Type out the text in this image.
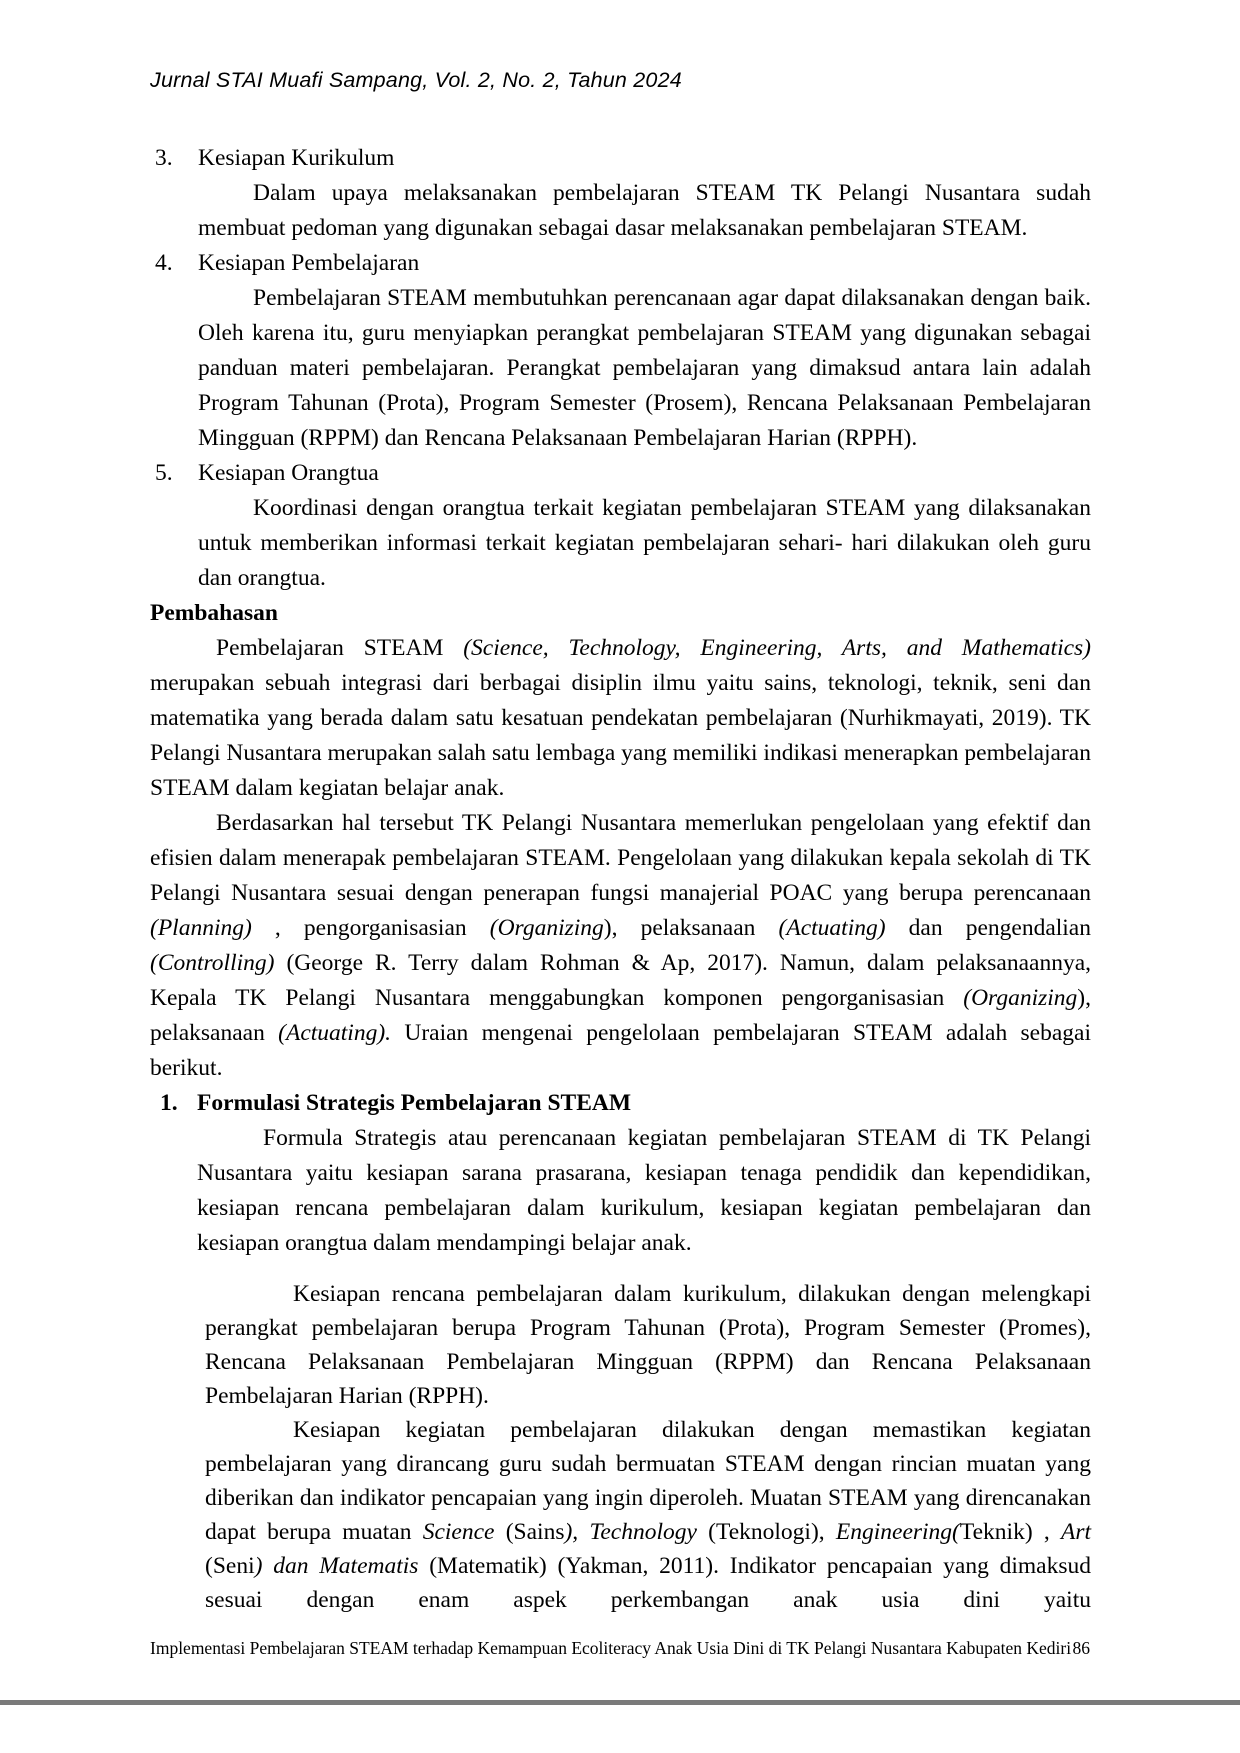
Jurnal STAI Muafi Sampang, Vol. 2, No. 2, Tahun 2024
3.	Kesiapan Kurikulum
Dalam upaya melaksanakan pembelajaran STEAM TK Pelangi Nusantara sudah membuat pedoman yang digunakan sebagai dasar melaksanakan pembelajaran STEAM.
4.	Kesiapan Pembelajaran
Pembelajaran STEAM membutuhkan perencanaan agar dapat dilaksanakan dengan baik. Oleh karena itu, guru menyiapkan perangkat pembelajaran STEAM yang digunakan sebagai panduan materi pembelajaran. Perangkat pembelajaran yang dimaksud antara lain adalah Program Tahunan (Prota), Program Semester (Prosem), Rencana Pelaksanaan Pembelajaran Mingguan (RPPM) dan Rencana Pelaksanaan Pembelajaran Harian (RPPH).
5.	Kesiapan Orangtua
Koordinasi dengan orangtua terkait kegiatan pembelajaran STEAM yang dilaksanakan untuk memberikan informasi terkait kegiatan pembelajaran sehari- hari dilakukan oleh guru dan orangtua.
Pembahasan
Pembelajaran STEAM (Science, Technology, Engineering, Arts, and Mathematics) merupakan sebuah integrasi dari berbagai disiplin ilmu yaitu sains, teknologi, teknik, seni dan matematika yang berada dalam satu kesatuan pendekatan pembelajaran (Nurhikmayati, 2019). TK Pelangi Nusantara merupakan salah satu lembaga yang memiliki indikasi menerapkan pembelajaran STEAM dalam kegiatan belajar anak.
Berdasarkan hal tersebut TK Pelangi Nusantara memerlukan pengelolaan yang efektif dan efisien dalam menerapak pembelajaran STEAM. Pengelolaan yang dilakukan kepala sekolah di TK Pelangi Nusantara sesuai dengan penerapan fungsi manajerial POAC yang berupa perencanaan (Planning) , pengorganisasian (Organizing), pelaksanaan (Actuating) dan pengendalian (Controlling) (George R. Terry dalam Rohman & Ap, 2017). Namun, dalam pelaksanaannya, Kepala TK Pelangi Nusantara menggabungkan komponen pengorganisasian (Organizing), pelaksanaan (Actuating). Uraian mengenai pengelolaan pembelajaran STEAM adalah sebagai  berikut.
1. Formulasi Strategis Pembelajaran STEAM
Formula Strategis atau perencanaan kegiatan pembelajaran STEAM di TK Pelangi Nusantara yaitu kesiapan sarana prasarana, kesiapan tenaga pendidik dan kependidikan, kesiapan rencana pembelajaran dalam kurikulum, kesiapan kegiatan pembelajaran dan kesiapan orangtua dalam mendampingi belajar anak.
Kesiapan rencana pembelajaran dalam kurikulum, dilakukan dengan melengkapi perangkat pembelajaran berupa Program Tahunan (Prota), Program Semester (Promes), Rencana Pelaksanaan Pembelajaran Mingguan (RPPM) dan Rencana Pelaksanaan Pembelajaran Harian (RPPH).
Kesiapan kegiatan pembelajaran dilakukan dengan memastikan kegiatan pembelajaran yang dirancang guru sudah bermuatan STEAM dengan rincian muatan yang diberikan dan indikator pencapaian yang ingin diperoleh. Muatan STEAM yang direncanakan dapat berupa muatan Science (Sains), Technology (Teknologi), Engineering(Teknik) , Art (Seni) dan Matematis (Matematik) (Yakman, 2011). Indikator pencapaian yang dimaksud sesuai dengan enam aspek perkembangan anak usia dini yaitu
Implementasi Pembelajaran STEAM terhadap Kemampuan Ecoliteracy Anak Usia Dini di TK Pelangi Nusantara Kabupaten Kediri 86
